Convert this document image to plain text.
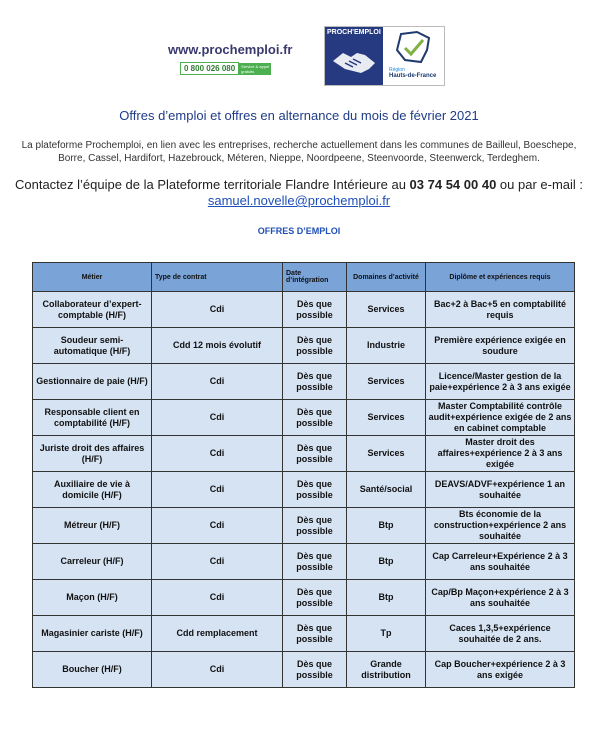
www.prochemploi.fr
0 800 026 080	Service & appel gratuits
PROCH'EMPLOI
Région
Hauts-de-France
Offres d’emploi et offres en alternance du mois de février 2021
La plateforme Prochemploi, en lien avec les entreprises, recherche actuellement dans les communes de Bailleul, Boeschepe, Borre, Cassel, Hardifort, Hazebrouck, Méteren, Nieppe, Noordpeene, Steenvoorde, Steenwerck, Terdeghem.
Contactez l’équipe de la Plateforme territoriale Flandre Intérieure au 03 74 54 00 40 ou par e-mail :
samuel.novelle@prochemploi.fr
OFFRES D’EMPLOI
Métier	Type de contrat	Date d’intégration	Domaines d’activité	Diplôme et expériences requis
Collaborateur d’expert-comptable (H/F)	Cdi	Dès que possible	Services	Bac+2 à Bac+5 en comptabilité requis
Soudeur semi-automatique (H/F)	Cdd 12 mois évolutif	Dès que possible	Industrie	Première expérience exigée en soudure
Gestionnaire de paie (H/F)	Cdi	Dès que possible	Services	Licence/Master gestion de la paie+expérience 2 à 3 ans exigée
Responsable client en comptabilité (H/F)	Cdi	Dès que possible	Services	Master Comptabilité contrôle audit+expérience exigée de 2 ans en cabinet comptable
Juriste droit des affaires (H/F)	Cdi	Dès que possible	Services	Master droit des affaires+expérience 2 à 3 ans exigée
Auxiliaire de vie à domicile (H/F)	Cdi	Dès que possible	Santé/social	DEAVS/ADVF+expérience 1 an souhaitée
Métreur (H/F)	Cdi	Dès que possible	Btp	Bts économie de la construction+expérience 2 ans souhaitée
Carreleur (H/F)	Cdi	Dès que possible	Btp	Cap Carreleur+Expérience 2 à 3 ans souhaitée
Maçon (H/F)	Cdi	Dès que possible	Btp	Cap/Bp Maçon+expérience 2 à 3 ans souhaitée
Magasinier cariste (H/F)	Cdd remplacement	Dès que possible	Tp	Caces 1,3,5+expérience souhaitée de 2 ans.
Boucher (H/F)	Cdi	Dès que possible	Grande distribution	Cap Boucher+expérience 2 à 3 ans exigée
